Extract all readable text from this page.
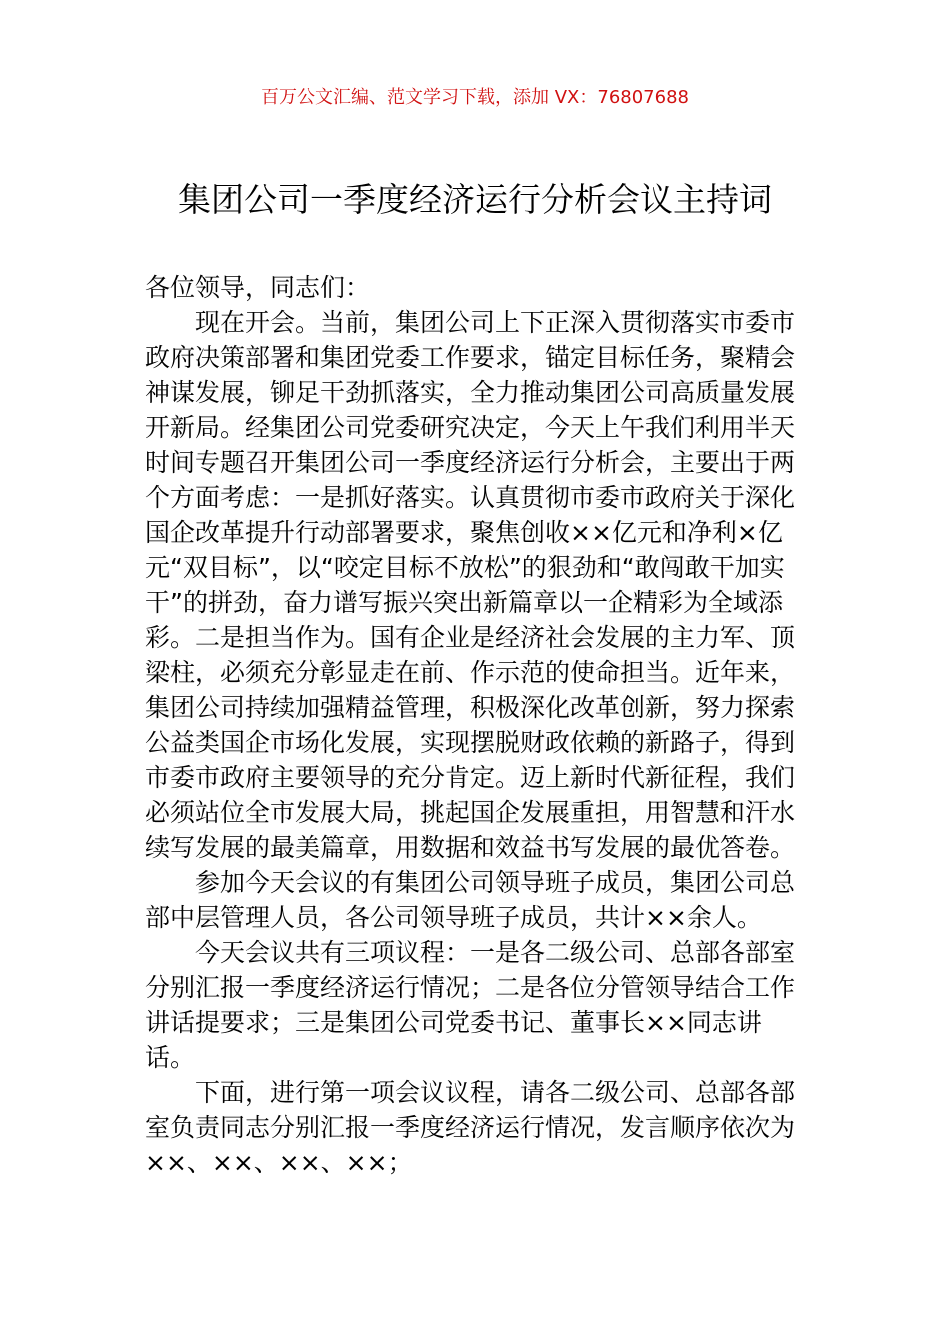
百万公文汇编、范文学习下载，添加 VX：76807688
集团公司一季度经济运行分析会议主持词

各位领导，同志们：

现在开会。当前，集团公司上下正深入贯彻落实市委市政府决策部署和集团党委工作要求，锚定目标任务，聚精会神谋发展，铆足干劲抓落实，全力推动集团公司高质量发展开新局。经集团公司党委研究决定，今天上午我们利用半天时间专题召开集团公司一季度经济运行分析会，主要出于两个方面考虑：一是抓好落实。认真贯彻市委市政府关于深化国企改革提升行动部署要求，聚焦创收××亿元和净利×亿元“双目标”，以“咬定目标不放松”的狠劲和“敢闯敢干加实干”的拼劲，奋力谱写振兴突出新篇章以一企精彩为全域添彩。二是担当作为。国有企业是经济社会发展的主力军、顶梁柱，必须充分彰显走在前、作示范的使命担当。近年来，集团公司持续加强精益管理，积极深化改革创新，努力探索公益类国企市场化发展，实现摆脱财政依赖的新路子，得到市委市政府主要领导的充分肯定。迈上新时代新征程，我们必须站位全市发展大局，挑起国企发展重担，用智慧和汗水续写发展的最美篇章，用数据和效益书写发展的最优答卷。

参加今天会议的有集团公司领导班子成员，集团公司总部中层管理人员，各公司领导班子成员，共计××余人。

今天会议共有三项议程：一是各二级公司、总部各部室分别汇报一季度经济运行情况；二是各位分管领导结合工作讲话提要求；三是集团公司党委书记、董事长××同志讲话。

下面，进行第一项会议议程，请各二级公司、总部各部室负责同志分别汇报一季度经济运行情况，发言顺序依次为××、××、××、××；
